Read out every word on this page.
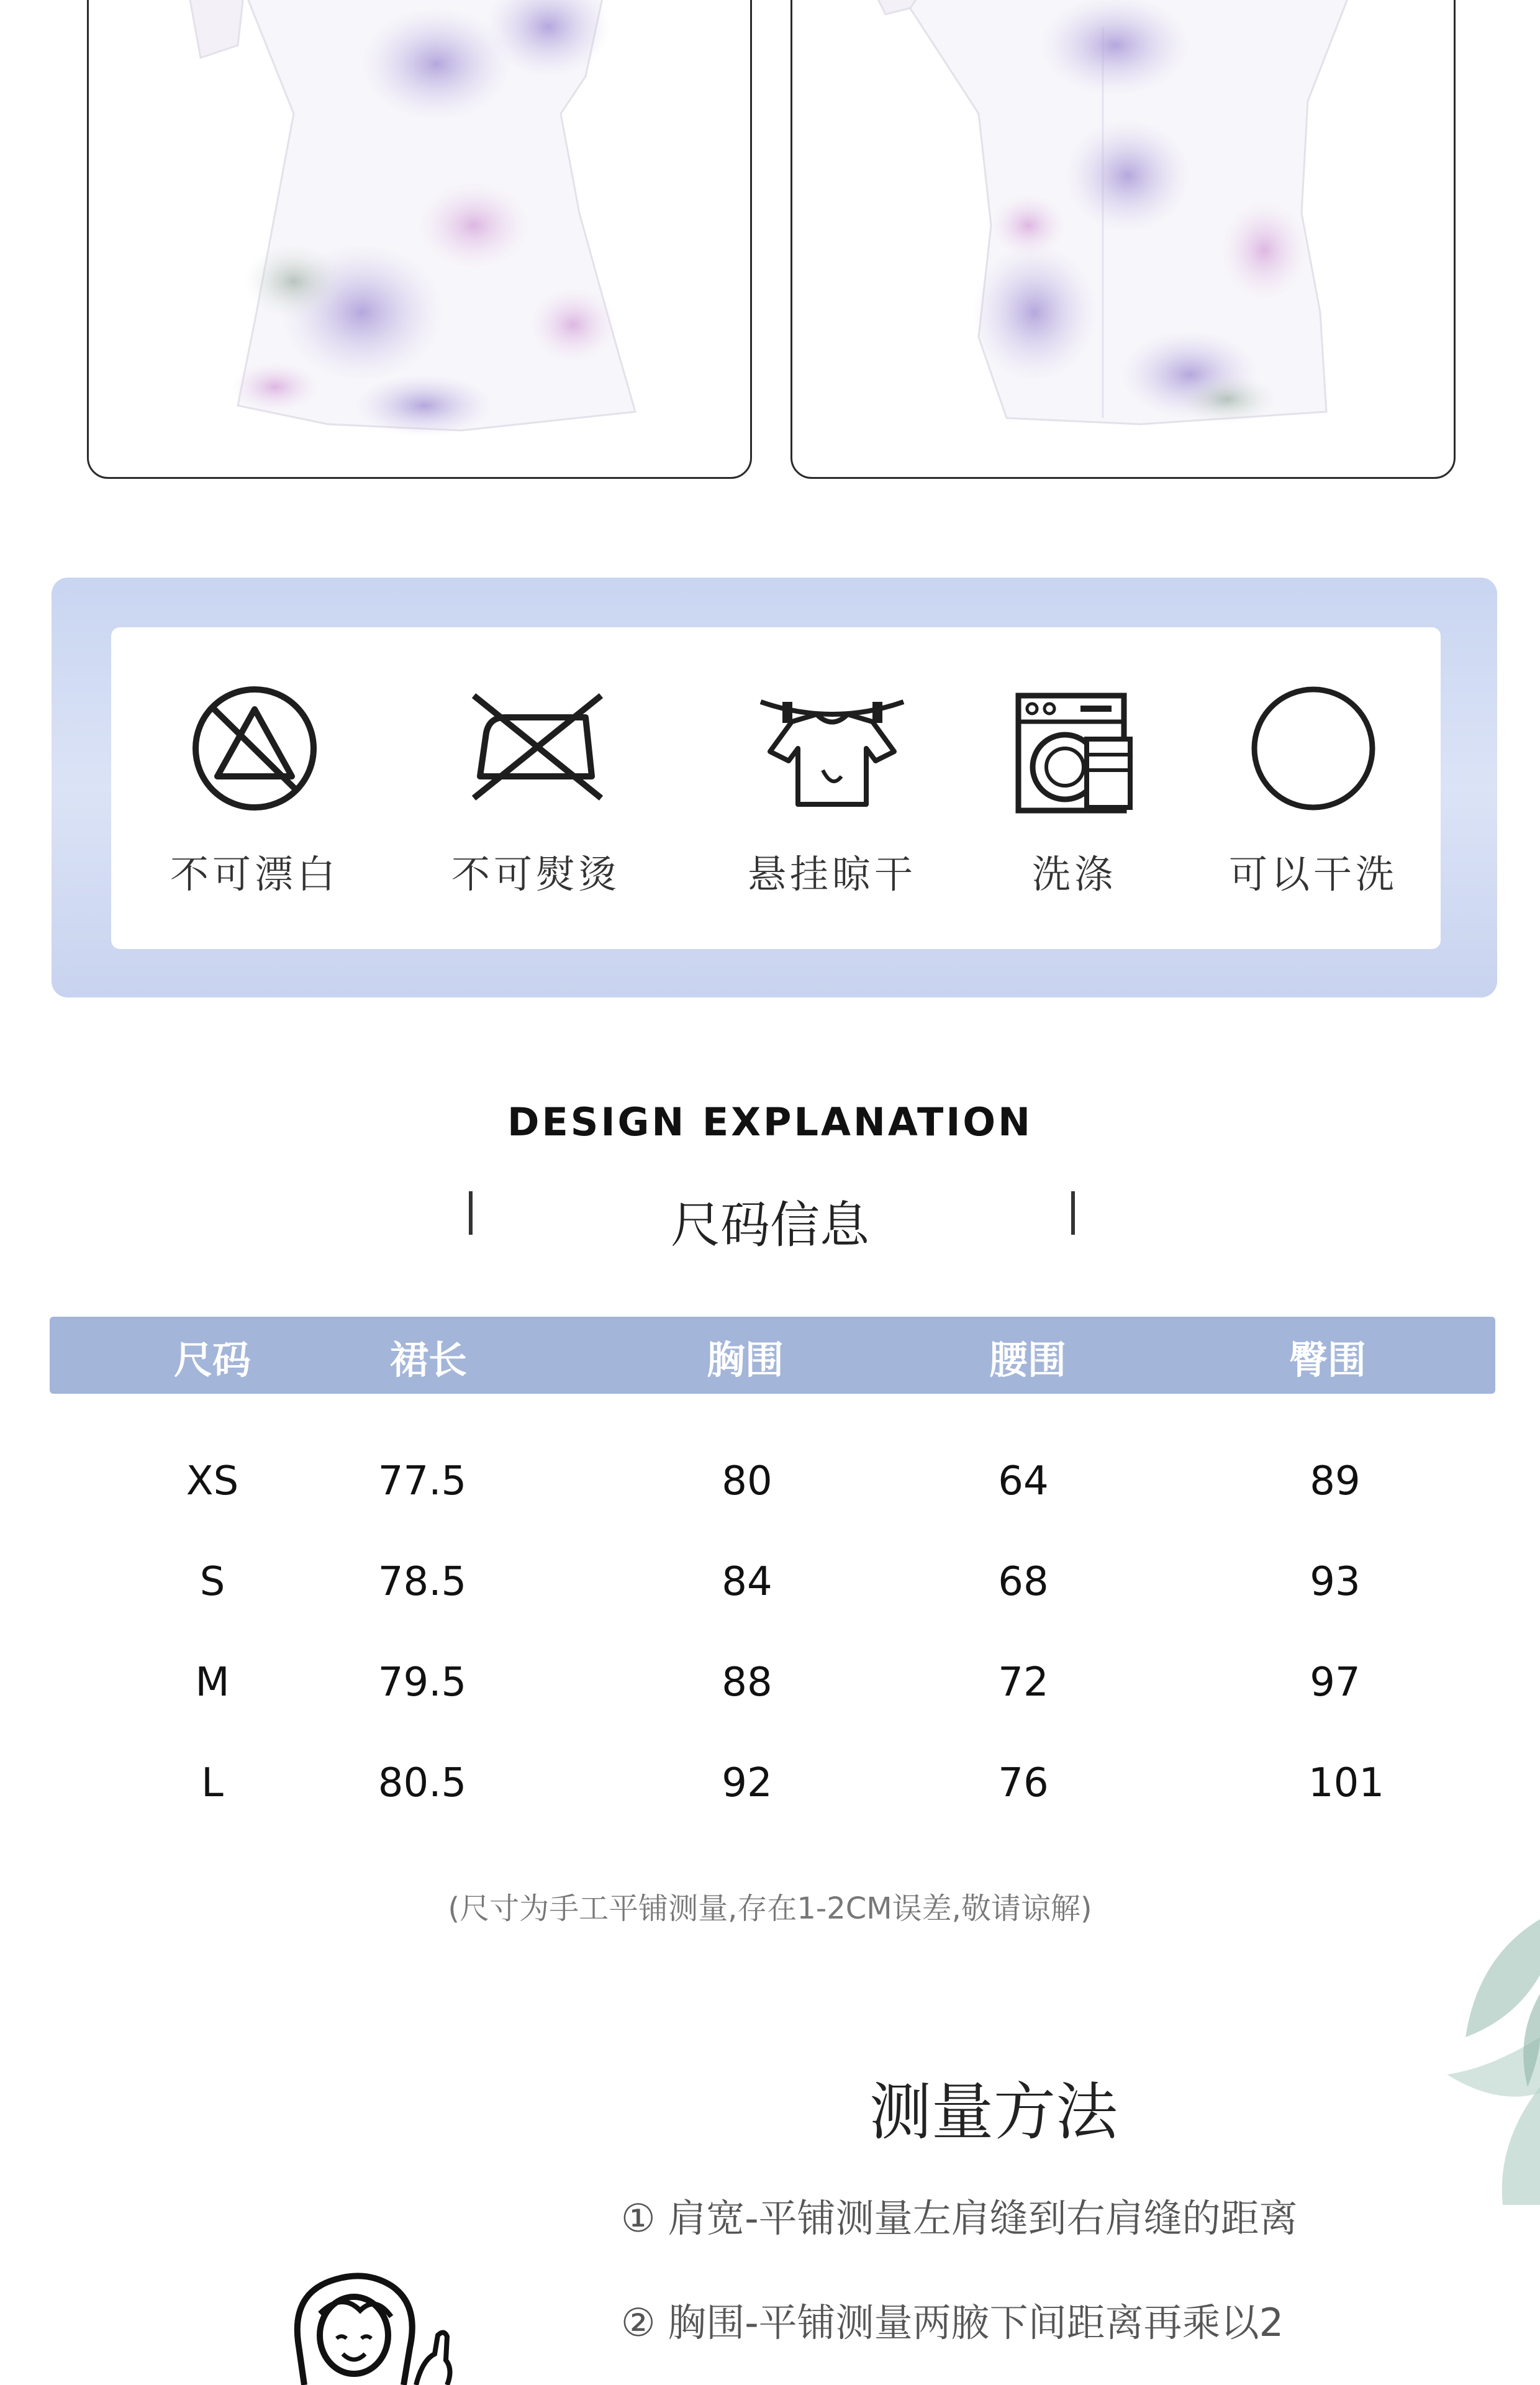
不可漂白	不可熨烫	悬挂晾干	洗涤	可以干洗
DESIGN EXPLANATION
尺码信息
尺码	裙长	胸围	腰围	臀围
XS	77.5	80	64	89
S	78.5	84	68	93
M	79.5	88	72	97
L	80.5	92	76	101
(尺寸为手工平铺测量,存在1-2CM误差,敬请谅解)
测量方法
① 肩宽-平铺测量左肩缝到右肩缝的距离
② 胸围-平铺测量两腋下间距离再乘以2
